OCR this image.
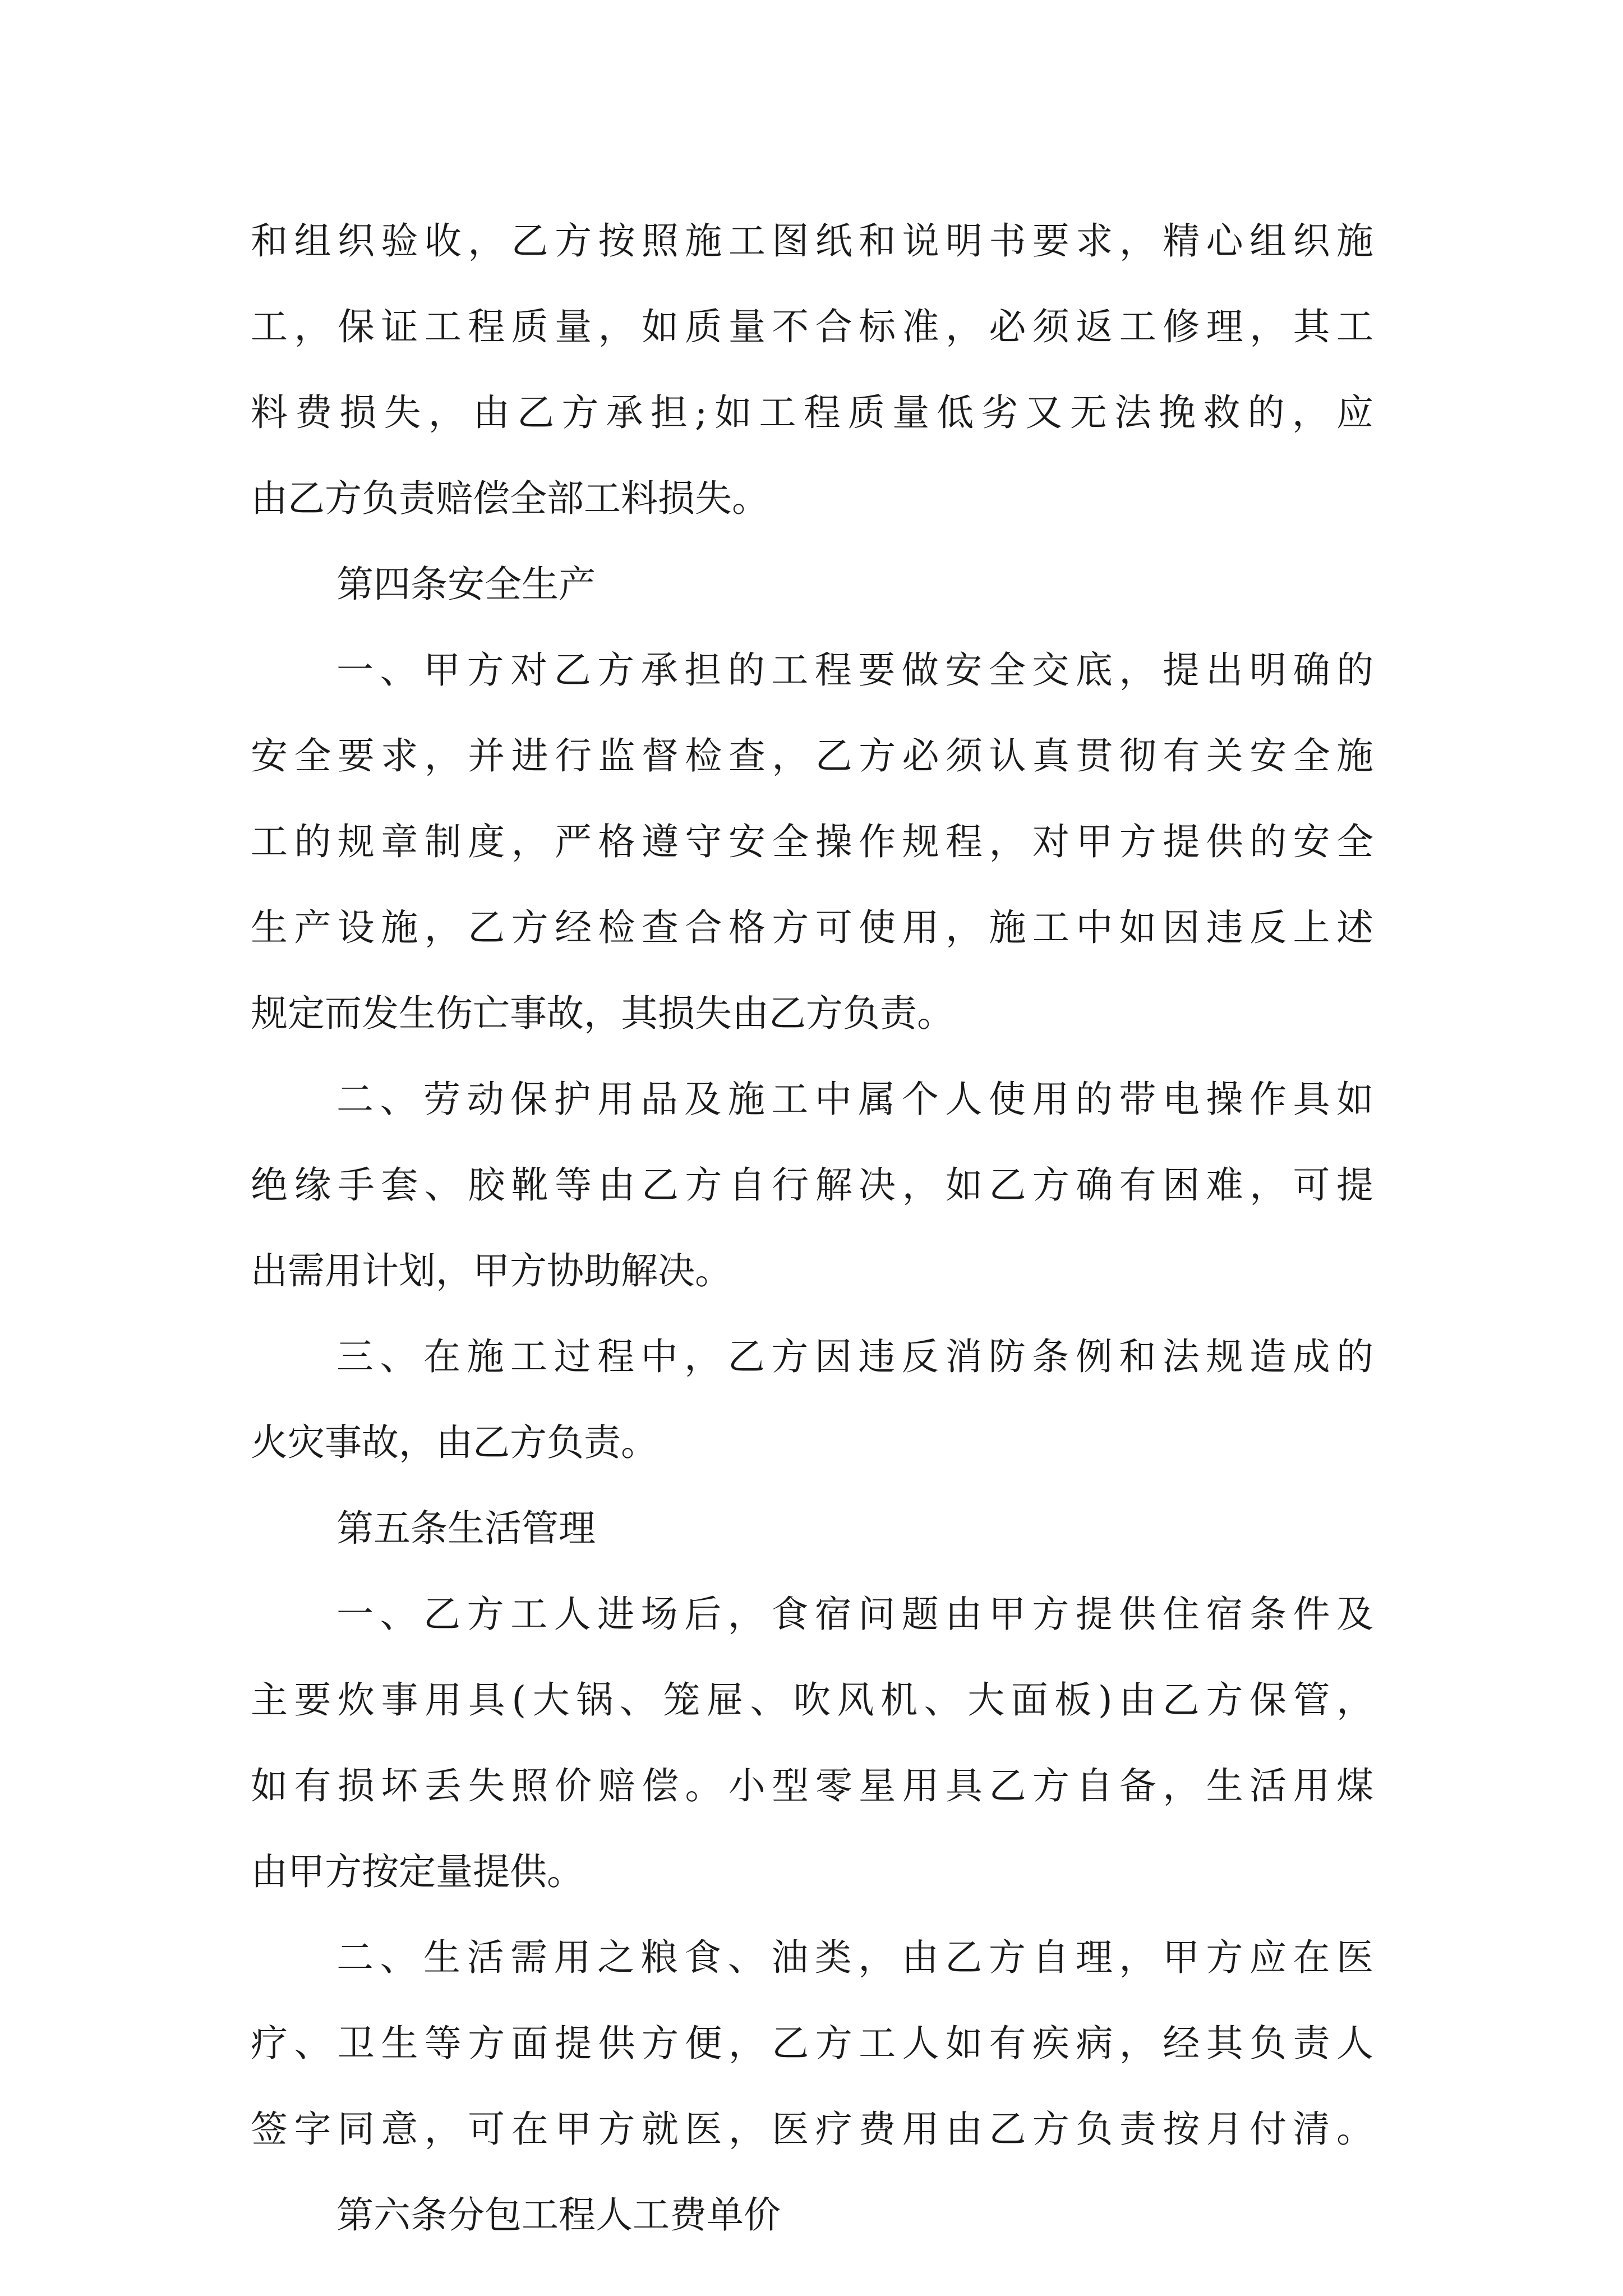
和组织验收，乙方按照施工图纸和说明书要求，精心组织施
工，保证工程质量，如质量不合标准，必须返工修理，其工
料费损失，由乙方承担;如工程质量低劣又无法挽救的，应
由乙方负责赔偿全部工料损失。
第四条安全生产
一、甲方对乙方承担的工程要做安全交底，提出明确的
安全要求，并进行监督检查，乙方必须认真贯彻有关安全施
工的规章制度，严格遵守安全操作规程，对甲方提供的安全
生产设施，乙方经检查合格方可使用，施工中如因违反上述
规定而发生伤亡事故，其损失由乙方负责。
二、劳动保护用品及施工中属个人使用的带电操作具如
绝缘手套、胶靴等由乙方自行解决，如乙方确有困难，可提
出需用计划，甲方协助解决。
三、在施工过程中，乙方因违反消防条例和法规造成的
火灾事故，由乙方负责。
第五条生活管理
一、乙方工人进场后，食宿问题由甲方提供住宿条件及
主要炊事用具(大锅、笼屉、吹风机、大面板)由乙方保管，
如有损坏丢失照价赔偿。小型零星用具乙方自备，生活用煤
由甲方按定量提供。
二、生活需用之粮食、油类，由乙方自理，甲方应在医
疗、卫生等方面提供方便，乙方工人如有疾病，经其负责人
签字同意，可在甲方就医，医疗费用由乙方负责按月付清。
第六条分包工程人工费单价
